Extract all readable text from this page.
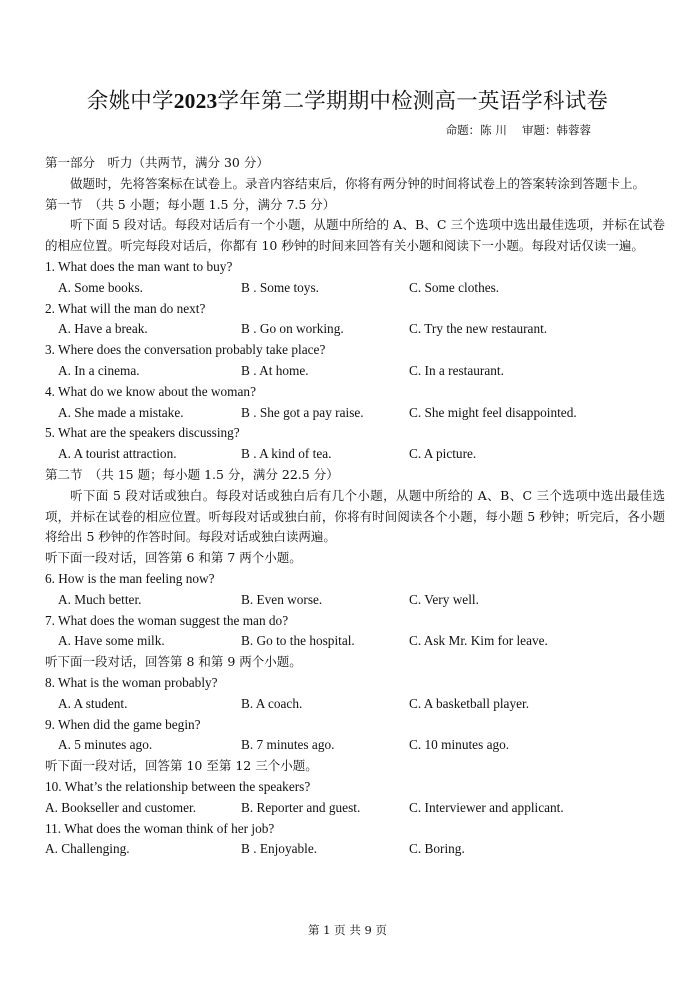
余姚中学2023学年第二学期期中检测高一英语学科试卷
命题：陈 川　 审题：韩蓉蓉
第一部分　听力（共两节，满分 30 分）
做题时，先将答案标在试卷上。录音内容结束后，你将有两分钟的时间将试卷上的答案转涂到答题卡上。
第一节　（共 5 小题；每小题 1.5 分，满分 7.5 分）
听下面 5 段对话。每段对话后有一个小题，从题中所给的 A、B、C 三个选项中选出最佳选项，并标在试卷的相应位置。听完每段对话后，你都有 10 秒钟的时间来回答有关小题和阅读下一小题。每段对话仅读一遍。
1. What does the man want to buy?
A. Some books.	B . Some toys.	C. Some clothes.
2. What will the man do next?
A. Have a break.	B . Go on working.	C. Try the new restaurant.
3. Where does the conversation probably take place?
A. In a cinema.	B . At home.	C. In a restaurant.
4. What do we know about the woman?
A. She made a mistake.	B . She got a pay raise.	C. She might feel disappointed.
5. What are the speakers discussing?
A. A tourist attraction.	B . A kind of tea.	C. A picture.
第二节　（共 15 题；每小题 1.5 分，满分 22.5 分）
听下面 5 段对话或独白。每段对话或独白后有几个小题，从题中所给的 A、B、C 三个选项中选出最佳选项，并标在试卷的相应位置。听每段对话或独白前，你将有时间阅读各个小题，每小题 5 秒钟；听完后，各小题将给出 5 秒钟的作答时间。每段对话或独白读两遍。
听下面一段对话，回答第 6 和第 7 两个小题。
6. How is the man feeling now?
A. Much better.	B. Even worse.	C. Very well.
7. What does the woman suggest the man do?
A. Have some milk.	B. Go to the hospital.	C. Ask Mr. Kim for leave.
听下面一段对话，回答第 8 和第 9 两个小题。
8. What is the woman probably?
A. A student.	B. A coach.	C. A basketball player.
9. When did the game begin?
A. 5 minutes ago.	B. 7 minutes ago.	C. 10 minutes ago.
听下面一段对话，回答第 10 至第 12 三个小题。
10. What’s the relationship between the speakers?
A. Bookseller and customer.	B. Reporter and guest.	C. Interviewer and applicant.
11. What does the woman think of her job?
A. Challenging.	B . Enjoyable.	C. Boring.
第 1 页 共 9 页
